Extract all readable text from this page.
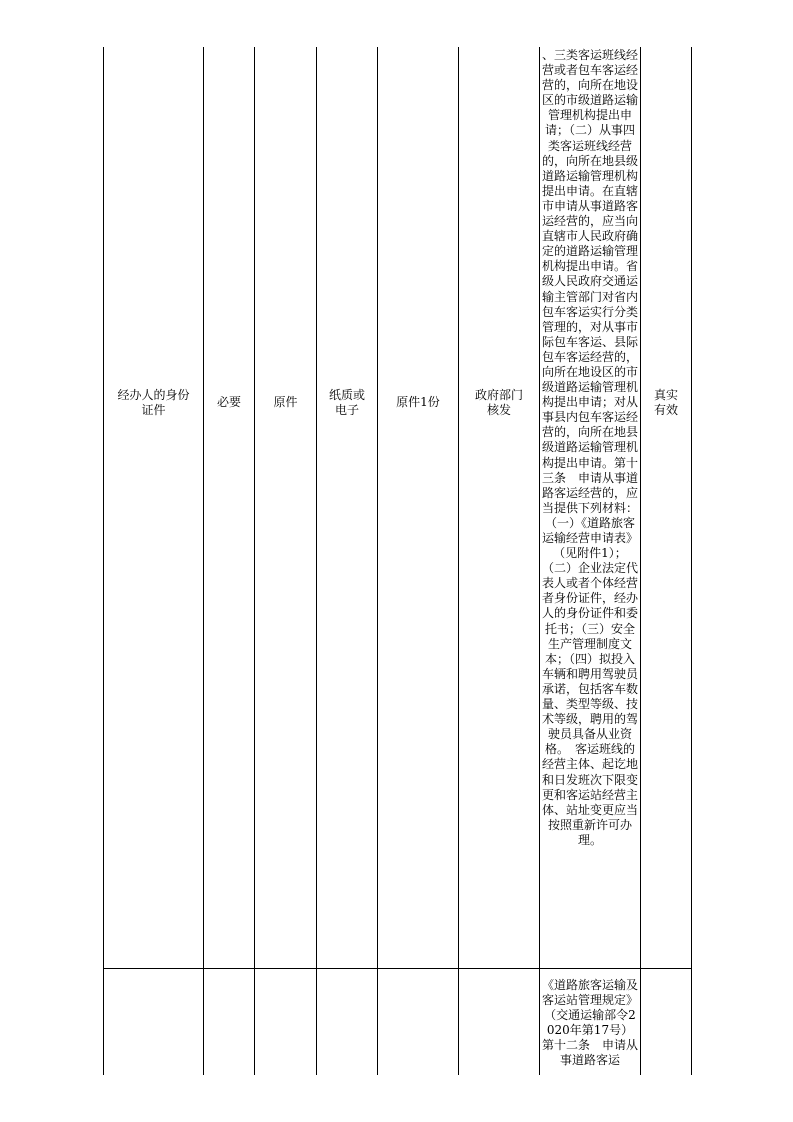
经办人的身份证件
必要	原件
纸质或电子
原件1份
政府部门核发
真实有效
、三类客运班线经营或者包车客运经营的，向所在地设区的市级道路运输管理机构提出申请；（二）从事四类客运班线经营的，向所在地县级道路运输管理机构提出申请。在直辖市申请从事道路客运经营的，应当向直辖市人民政府确定的道路运输管理机构提出申请。省级人民政府交通运输主管部门对省内包车客运实行分类管理的，对从事市际包车客运、县际包车客运经营的，向所在地设区的市级道路运输管理机构提出申请；对从事县内包车客运经营的，向所在地县级道路运输管理机构提出申请。第十三条　申请从事道路客运经营的，应当提供下列材料：（一）《道路旅客运输经营申请表》（见附件1）；（二）企业法定代表人或者个体经营者身份证件，经办人的身份证件和委托书；（三）安全生产管理制度文本；（四）拟投入车辆和聘用驾驶员承诺，包括客车数量、类型等级、技术等级，聘用的驾驶员具备从业资格。　客运班线的经营主体、起讫地和日发班次下限变更和客运站经营主体、站址变更应当按照重新许可办理。
《道路旅客运输及客运站管理规定》（交通运输部令2020年第17号）第十二条　申请从事道路客运
